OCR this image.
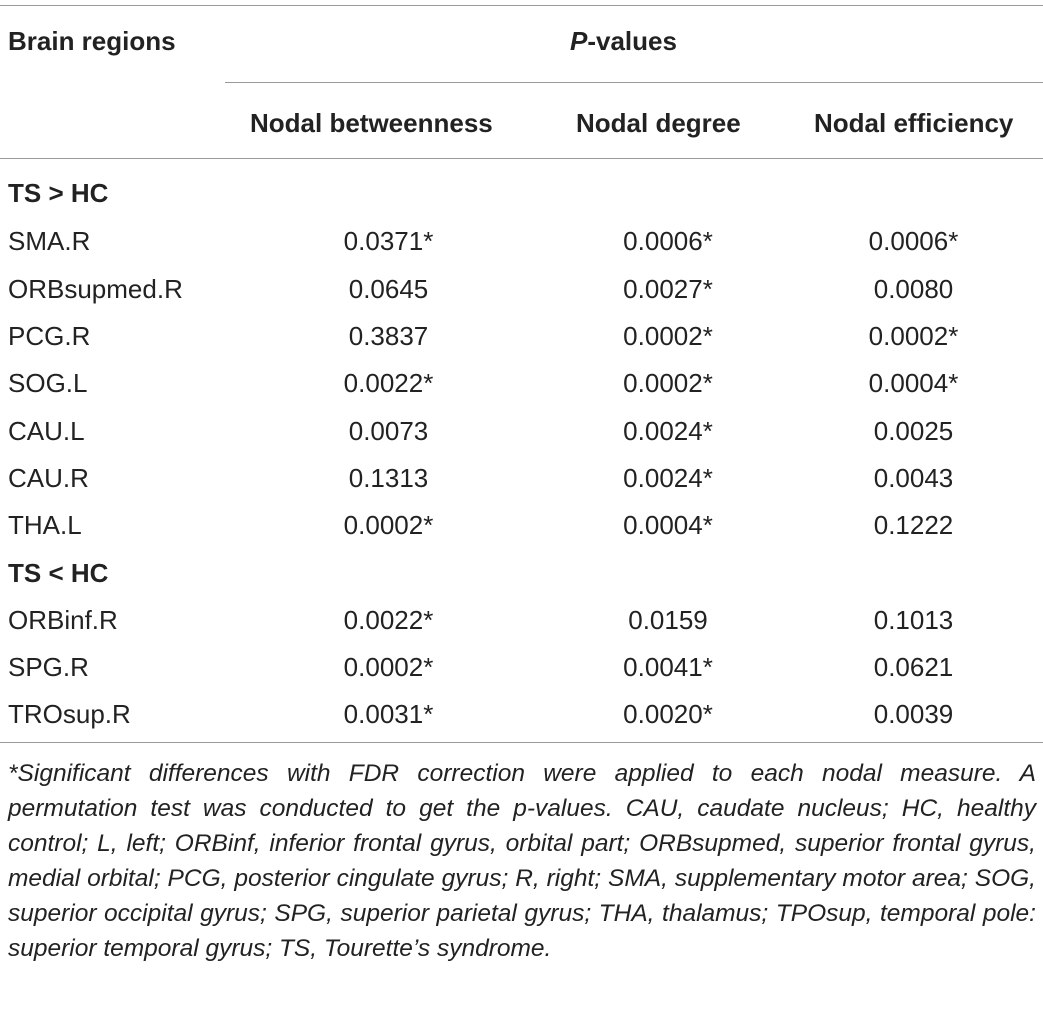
Brain regions	P-values
Nodal betweenness	Nodal degree	Nodal efficiency
TS > HC
SMA.R	0.0371*	0.0006*	0.0006*
ORBsupmed.R	0.0645	0.0027*	0.0080
PCG.R	0.3837	0.0002*	0.0002*
SOG.L	0.0022*	0.0002*	0.0004*
CAU.L	0.0073	0.0024*	0.0025
CAU.R	0.1313	0.0024*	0.0043
THA.L	0.0002*	0.0004*	0.1222
TS < HC
ORBinf.R	0.0022*	0.0159	0.1013
SPG.R	0.0002*	0.0041*	0.0621
TROsup.R	0.0031*	0.0020*	0.0039
*Significant differences with FDR correction were applied to each nodal measure. A permutation test was conducted to get the p-values. CAU, caudate nucleus; HC, healthy control; L, left; ORBinf, inferior frontal gyrus, orbital part; ORBsupmed, superior frontal gyrus, medial orbital; PCG, posterior cingulate gyrus; R, right; SMA, supplementary motor area; SOG, superior occipital gyrus; SPG, superior parietal gyrus; THA, thalamus; TPOsup, temporal pole: superior temporal gyrus; TS, Tourette’s syndrome.
